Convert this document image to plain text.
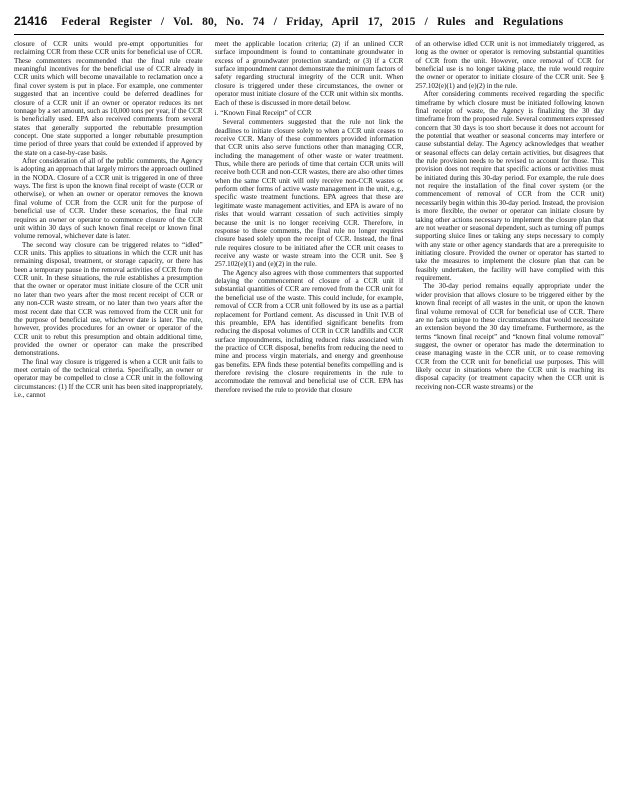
21416 Federal Register / Vol. 80, No. 74 / Friday, April 17, 2015 / Rules and Regulations

closure of CCR units would pre-empt opportunities for reclaiming CCR from these CCR units for beneficial use of CCR. These commenters recommended that the final rule create meaningful incentives for the beneficial use of CCR already in CCR units which will become unavailable to reclamation once a final cover system is put in place. For example, one commenter suggested that an incentive could be deferred deadlines for closure of a CCR unit if an owner or operator reduces its net tonnage by a set amount, such as 10,000 tons per year, if the CCR is beneficially used. EPA also received comments from several states that generally supported the rebuttable presumption concept. One state supported a longer rebuttable presumption time period of three years that could be extended if approved by the state on a case-by-case basis.

After consideration of all of the public comments, the Agency is adopting an approach that largely mirrors the approach outlined in the NODA. Closure of a CCR unit is triggered in one of three ways. The first is upon the known final receipt of waste (CCR or otherwise), or when an owner or operator removes the known final volume of CCR from the CCR unit for the purpose of beneficial use of CCR. Under these scenarios, the final rule requires an owner or operator to commence closure of the CCR unit within 30 days of such known final receipt or known final volume removal, whichever date is later.

The second way closure can be triggered relates to “idled” CCR units. This applies to situations in which the CCR unit has remaining disposal, treatment, or storage capacity, or there has been a temporary pause in the removal activities of CCR from the CCR unit. In these situations, the rule establishes a presumption that the owner or operator must initiate closure of the CCR unit no later than two years after the most recent receipt of CCR or any non-CCR waste stream, or no later than two years after the most recent date that CCR was removed from the CCR unit for the purpose of beneficial use, whichever date is later. The rule, however, provides procedures for an owner or operator of the CCR unit to rebut this presumption and obtain additional time, provided the owner or operator can make the prescribed demonstrations.

The final way closure is triggered is when a CCR unit fails to meet certain of the technical criteria. Specifically, an owner or operator may be compelled to close a CCR unit in the following circumstances: (1) If the CCR unit has been sited inappropriately, i.e., cannot

meet the applicable location criteria; (2) if an unlined CCR surface impoundment is found to contaminate groundwater in excess of a groundwater protection standard; or (3) if a CCR surface impoundment cannot demonstrate the minimum factors of safety regarding structural integrity of the CCR unit. When closure is triggered under these circumstances, the owner or operator must initiate closure of the CCR unit within six months. Each of these is discussed in more detail below.

i. “Known Final Receipt” of CCR

Several commenters suggested that the rule not link the deadlines to initiate closure solely to when a CCR unit ceases to receive CCR. Many of these commenters provided information that CCR units also serve functions other than managing CCR, including the management of other waste or water treatment. Thus, while there are periods of time that certain CCR units will receive both CCR and non-CCR wastes, there are also other times when the same CCR unit will only receive non-CCR wastes or perform other forms of active waste management in the unit, e.g., specific waste treatment functions. EPA agrees that these are legitimate waste management activities, and EPA is aware of no risks that would warrant cessation of such activities simply because the unit is no longer receiving CCR. Therefore, in response to these comments, the final rule no longer requires closure based solely upon the receipt of CCR. Instead, the final rule requires closure to be initiated after the CCR unit ceases to receive any waste or waste stream into the CCR unit. See § 257.102(e)(1) and (e)(2) in the rule.

The Agency also agrees with those commenters that supported delaying the commencement of closure of a CCR unit if substantial quantities of CCR are removed from the CCR unit for the beneficial use of the waste. This could include, for example, removal of CCR from a CCR unit followed by its use as a partial replacement for Portland cement. As discussed in Unit IV.B of this preamble, EPA has identified significant benefits from reducing the disposal volumes of CCR in CCR landfills and CCR surface impoundments, including reduced risks associated with the practice of CCR disposal, benefits from reducing the need to mine and process virgin materials, and energy and greenhouse gas benefits. EPA finds these potential benefits compelling and is therefore revising the closure requirements in the rule to accommodate the removal and beneficial use of CCR. EPA has therefore revised the rule to provide that closure

of an otherwise idled CCR unit is not immediately triggered, as long as the owner or operator is removing substantial quantities of CCR from the unit. However, once removal of CCR for beneficial use is no longer taking place, the rule would require the owner or operator to initiate closure of the CCR unit. See § 257.102(e)(1) and (e)(2) in the rule.

After considering comments received regarding the specific timeframe by which closure must be initiated following known final receipt of waste, the Agency is finalizing the 30 day timeframe from the proposed rule. Several commenters expressed concern that 30 days is too short because it does not account for the potential that weather or seasonal concerns may interfere or cause substantial delay. The Agency acknowledges that weather or seasonal effects can delay certain activities, but disagrees that the rule provision needs to be revised to account for those. This provision does not require that specific actions or activities must be initiated during this 30-day period. For example, the rule does not require the installation of the final cover system (or the commencement of removal of CCR from the CCR unit) necessarily begin within this 30-day period. Instead, the provision is more flexible, the owner or operator can initiate closure by taking other actions necessary to implement the closure plan that are not weather or seasonal dependent, such as turning off pumps supporting sluice lines or taking any steps necessary to comply with any state or other agency standards that are a prerequisite to initiating closure. Provided the owner or operator has started to take the measures to implement the closure plan that can be feasibly undertaken, the facility will have complied with this requirement.

The 30-day period remains equally appropriate under the wider provision that allows closure to be triggered either by the known final receipt of all wastes in the unit, or upon the known final volume removal of CCR for beneficial use of CCR. There are no facts unique to these circumstances that would necessitate an extension beyond the 30 day timeframe. Furthermore, as the terms “known final receipt” and “known final volume removal” suggest, the owner or operator has made the determination to cease managing waste in the CCR unit, or to cease removing CCR from the CCR unit for beneficial use purposes. This will likely occur in situations where the CCR unit is reaching its disposal capacity (or treatment capacity when the CCR unit is receiving non-CCR waste streams) or the
